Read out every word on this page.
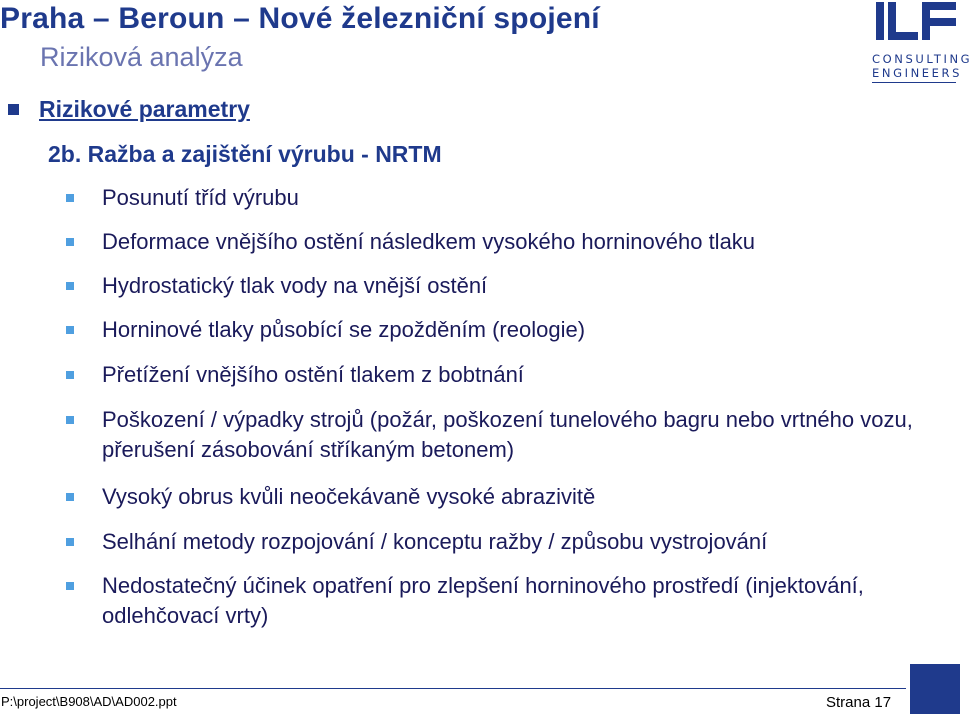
Praha – Beroun – Nové železniční spojení
Riziková analýza	CONSULTING
ENGINEERS
Rizikové parametry
2b. Ražba a zajištění výrubu - NRTM
Posunutí tříd výrubu
Deformace vnějšího ostění následkem vysokého horninového tlaku
Hydrostatický tlak vody na vnější ostění
Horninové tlaky působící se zpožděním (reologie)
Přetížení vnějšího ostění tlakem z bobtnání
Poškození / výpadky strojů (požár, poškození tunelového bagru nebo vrtného vozu, přerušení zásobování stříkaným betonem)
Vysoký obrus kvůli neočekávaně vysoké abrazivitě
Selhání metody rozpojování / konceptu ražby / způsobu vystrojování
Nedostatečný účinek opatření pro zlepšení horninového prostředí (injektování, odlehčovací vrty)
P:\project\B908\AD\AD002.ppt	Strana 17
